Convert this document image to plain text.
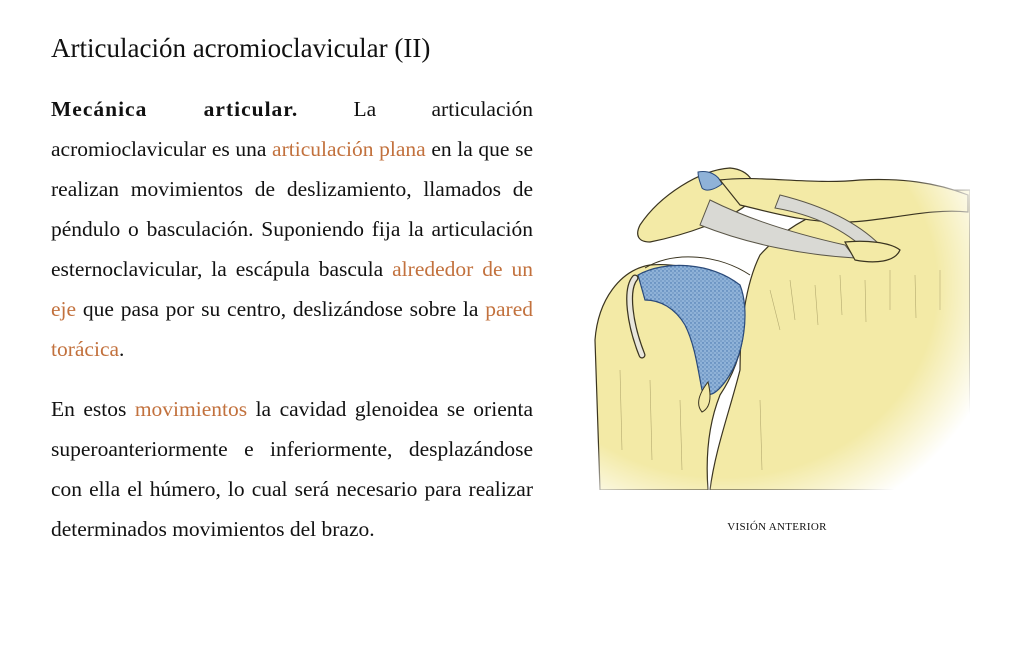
Articulación acromioclavicular (II)

Mecánica articular. La articulación acromioclavicular es una articulación plana en la que se realizan movimientos de deslizamiento, llamados de péndulo o basculación. Suponiendo fija la articulación esternoclavicular, la escápula bascula alrededor de un eje que pasa por su centro, deslizándose sobre la pared torácica.

En estos movimientos la cavidad glenoidea se orienta superoanteriormente e inferiormente, desplazándose con ella el húmero, lo cual será necesario para realizar determinados movimientos del brazo.	VISIÓN ANTERIOR
